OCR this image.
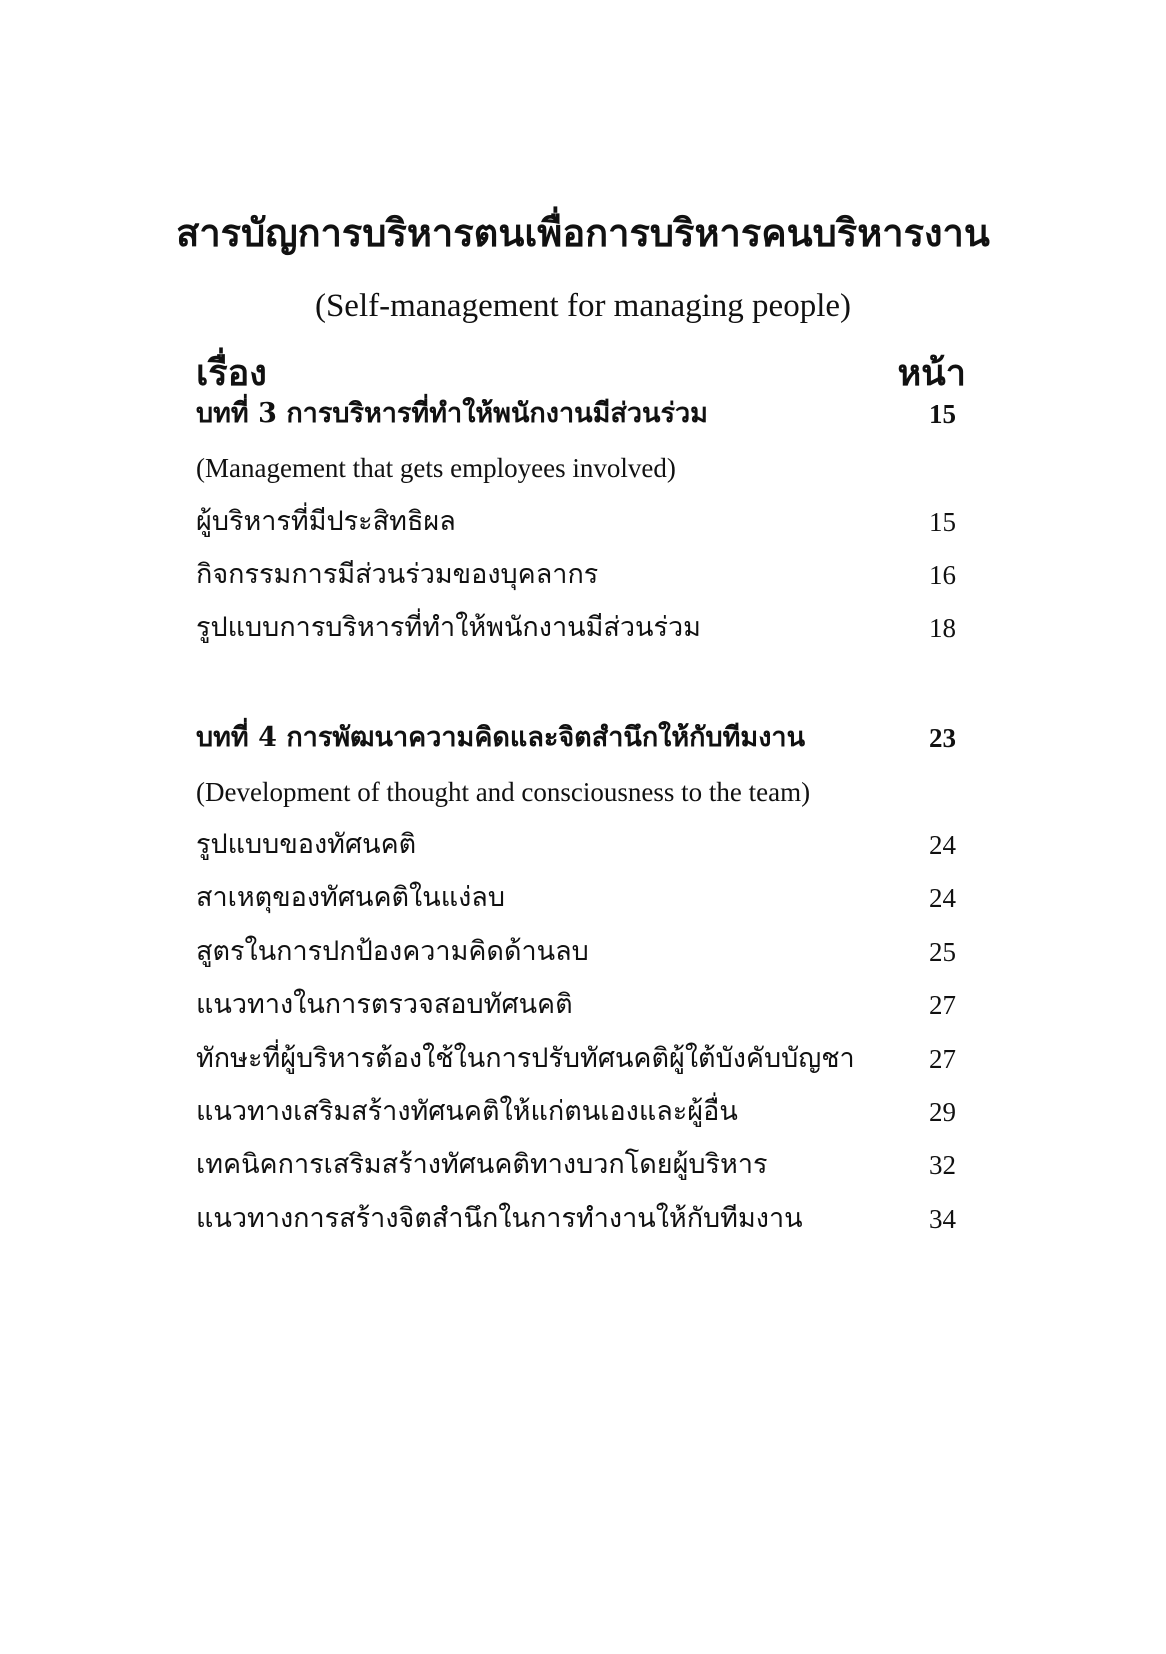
สารบัญการบริหารตนเพื่อการบริหารคนบริหารงาน
(Self-management for managing people)
เรื่อง	หน้า
บทที่ 3 การบริหารที่ทำให้พนักงานมีส่วนร่วม	15
(Management that gets employees involved)
ผู้บริหารที่มีประสิทธิผล	15
กิจกรรมการมีส่วนร่วมของบุคลากร	16
รูปแบบการบริหารที่ทำให้พนักงานมีส่วนร่วม	18
บทที่ 4 การพัฒนาความคิดและจิตสำนึกให้กับทีมงาน	23
(Development of thought and consciousness to the team)
รูปแบบของทัศนคติ	24
สาเหตุของทัศนคติในแง่ลบ	24
สูตรในการปกป้องความคิดด้านลบ	25
แนวทางในการตรวจสอบทัศนคติ	27
ทักษะที่ผู้บริหารต้องใช้ในการปรับทัศนคติผู้ใต้บังคับบัญชา	27
แนวทางเสริมสร้างทัศนคติให้แก่ตนเองและผู้อื่น	29
เทคนิคการเสริมสร้างทัศนคติทางบวกโดยผู้บริหาร	32
แนวทางการสร้างจิตสำนึกในการทำงานให้กับทีมงาน	34
